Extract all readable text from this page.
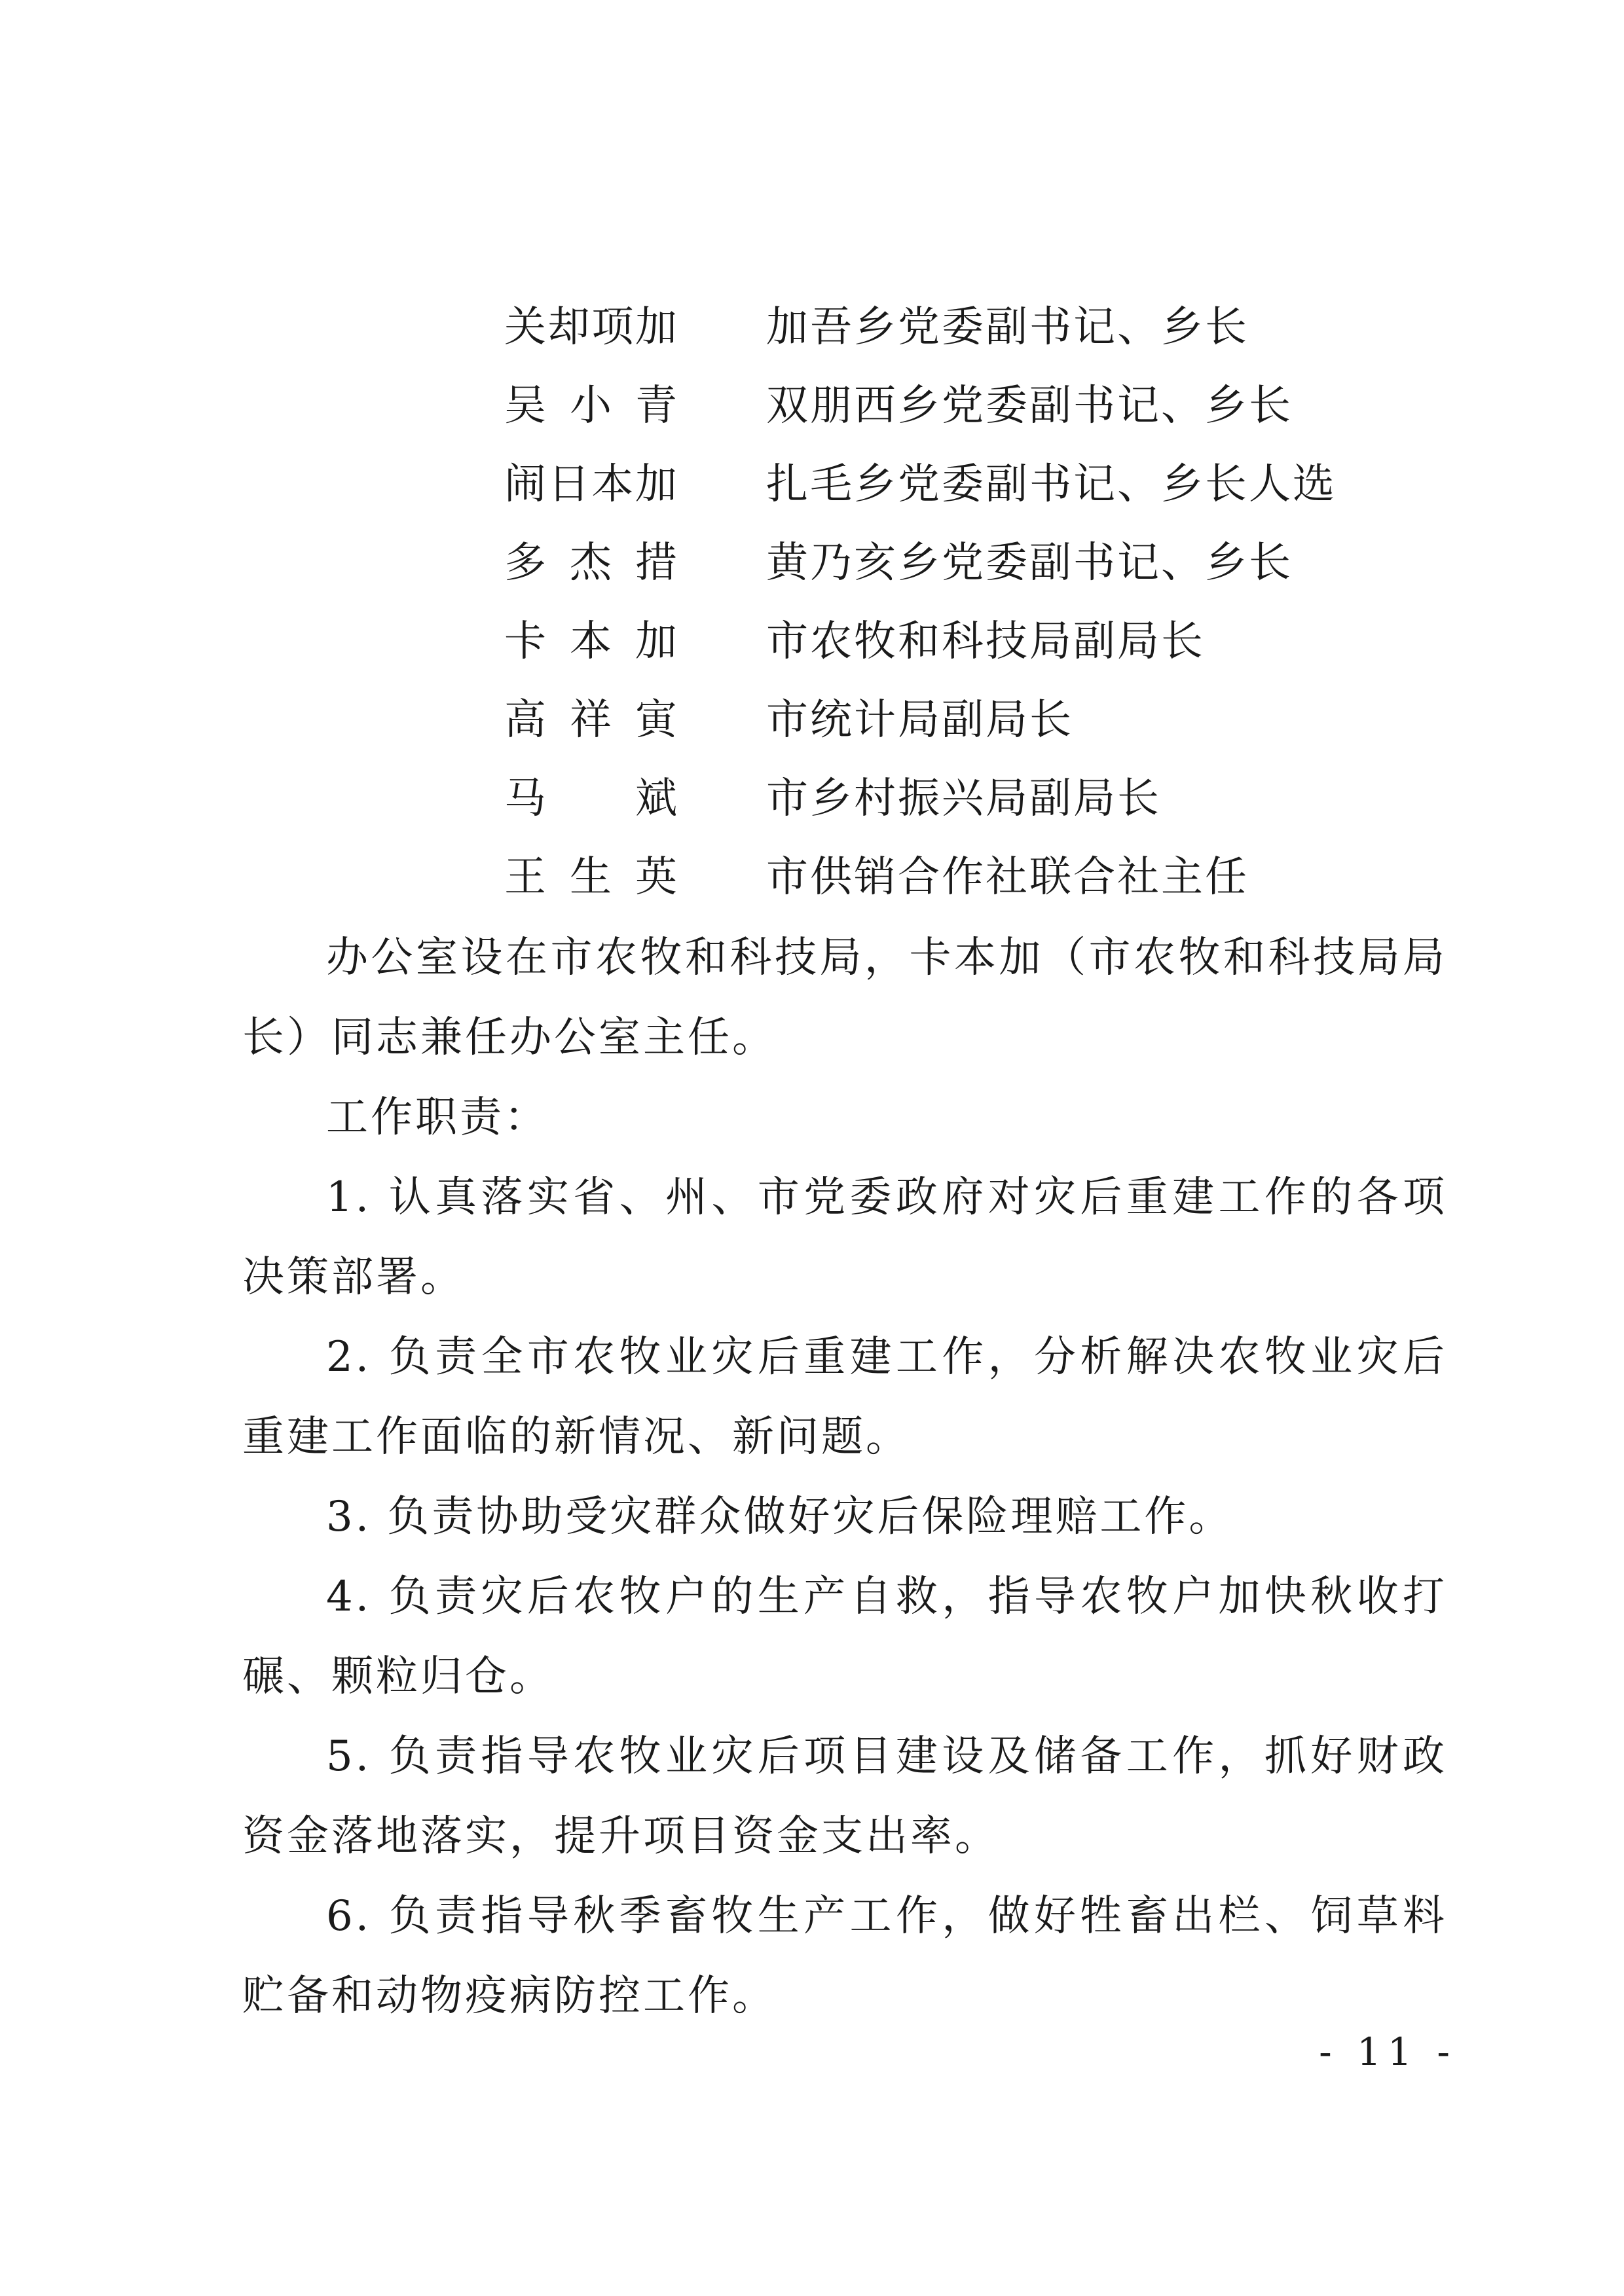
关 却 项 加 加吾乡党委副书记、乡长
吴 小 青 双朋西乡党委副书记、乡长
闹 日 本 加 扎毛乡党委副书记、乡长人选
多 杰 措 黄乃亥乡党委副书记、乡长
卡 本 加 市农牧和科技局副局长
高 祥 寅 市统计局副局长
马 斌 市乡村振兴局副局长
王 生 英 市供销合作社联合社主任

办公室设在市农牧和科技局，卡本加（市农牧和科技局局长）同志兼任办公室主任。

工作职责：

1. 认真落实省、州、市党委政府对灾后重建工作的各项决策部署。

2. 负责全市农牧业灾后重建工作，分析解决农牧业灾后重建工作面临的新情况、新问题。

3. 负责协助受灾群众做好灾后保险理赔工作。

4. 负责灾后农牧户的生产自救，指导农牧户加快秋收打碾、颗粒归仓。

5. 负责指导农牧业灾后项目建设及储备工作，抓好财政资金落地落实，提升项目资金支出率。

6. 负责指导秋季畜牧生产工作，做好牲畜出栏、饲草料贮备和动物疫病防控工作。

- 11 -
